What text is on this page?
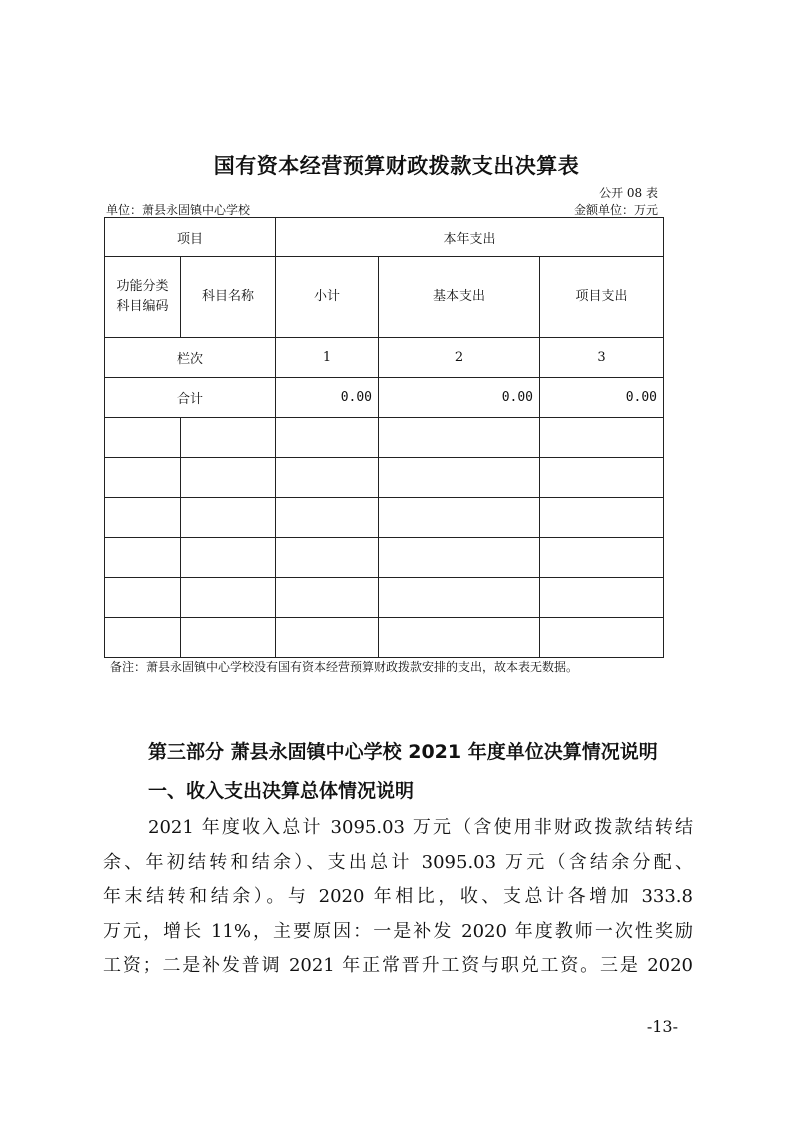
国有资本经营预算财政拨款支出决算表
公开 08 表
单位：萧县永固镇中心学校	金额单位：万元
项目		本年支出		
功能分类科目编码	科目名称	小计	基本支出	项目支出
栏次		1	2	3
合计		0.00	0.00	0.00

备注：萧县永固镇中心学校没有国有资本经营预算财政拨款安排的支出，故本表无数据。
第三部分 萧县永固镇中心学校 2021 年度单位决算情况说明
一、收入支出决算总体情况说明
2021 年度收入总计 3095.03 万元（含使用非财政拨款结转结
余、年初结转和结余）、支出总计 3095.03 万元（含结余分配、
年末结转和结余）。与 2020 年相比，收、支总计各增加 333.8
万元，增长 11%，主要原因：一是补发 2020 年度教师一次性奖励
工资；二是补发普调 2021 年正常晋升工资与职兑工资。三是 2020
-13-
